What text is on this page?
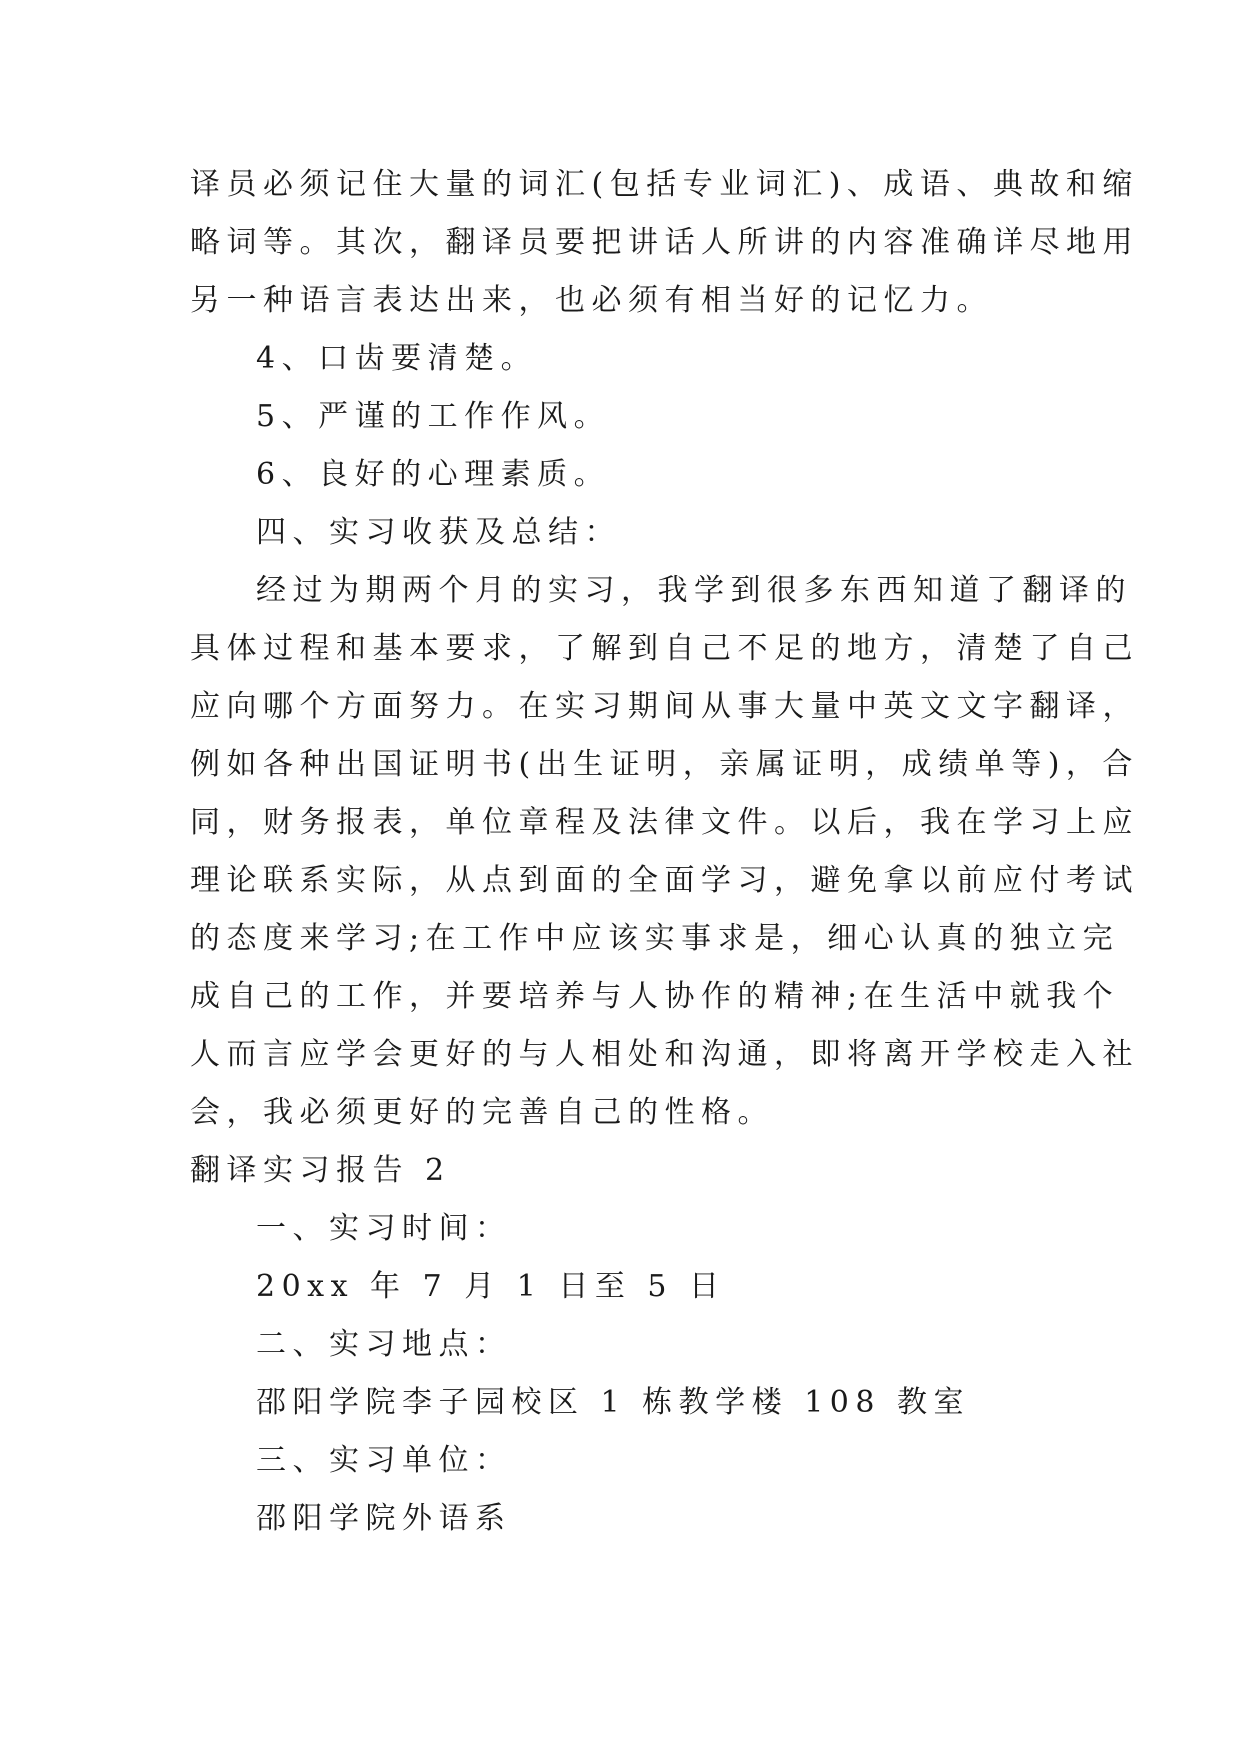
译员必须记住大量的词汇(包括专业词汇)、成语、典故和缩
略词等。其次，翻译员要把讲话人所讲的内容准确详尽地用
另一种语言表达出来，也必须有相当好的记忆力。
4、口齿要清楚。
5、严谨的工作作风。
6、良好的心理素质。
四、实习收获及总结：
经过为期两个月的实习，我学到很多东西知道了翻译的
具体过程和基本要求，了解到自己不足的地方，清楚了自己
应向哪个方面努力。在实习期间从事大量中英文文字翻译，
例如各种出国证明书(出生证明，亲属证明，成绩单等)，合
同，财务报表，单位章程及法律文件。以后，我在学习上应
理论联系实际，从点到面的全面学习，避免拿以前应付考试
的态度来学习;在工作中应该实事求是，细心认真的独立完
成自己的工作，并要培养与人协作的精神;在生活中就我个
人而言应学会更好的与人相处和沟通，即将离开学校走入社
会，我必须更好的完善自己的性格。
翻译实习报告 2
一、实习时间：
20xx 年 7 月 1 日至 5 日
二、实习地点：
邵阳学院李子园校区 1 栋教学楼 108 教室
三、实习单位：
邵阳学院外语系
